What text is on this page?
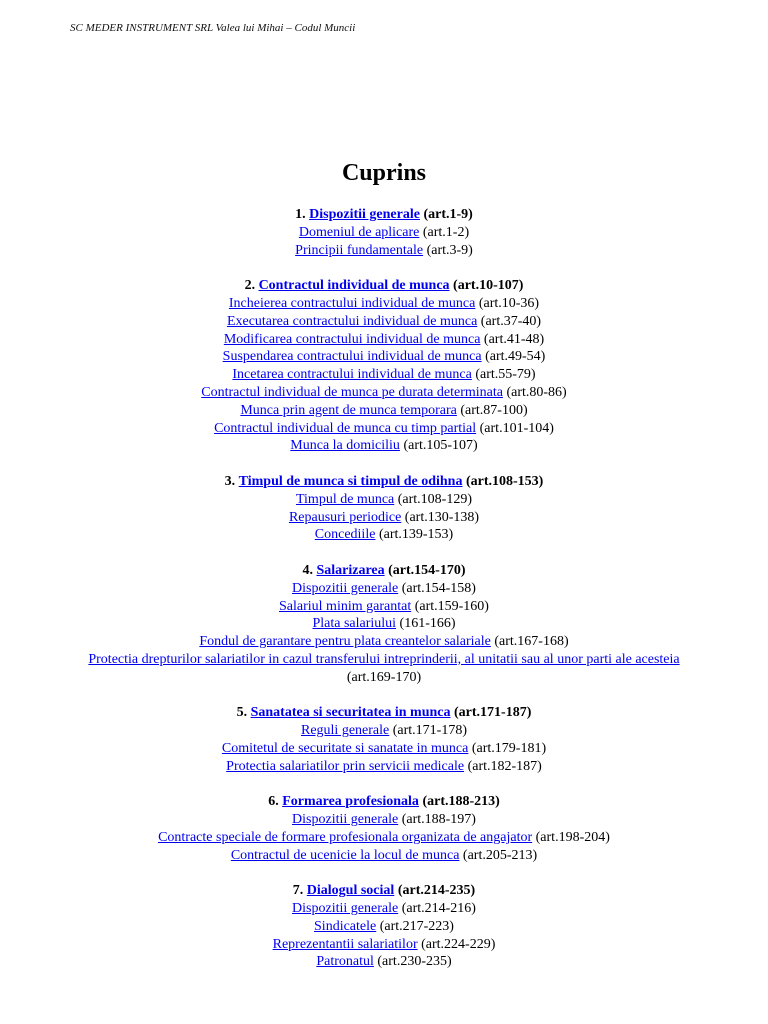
SC MEDER INSTRUMENT SRL Valea lui Mihai – Codul Muncii
Cuprins
1. Dispozitii generale (art.1-9)
Domeniul de aplicare (art.1-2)
Principii fundamentale (art.3-9)
2. Contractul individual de munca (art.10-107)
Incheierea contractului individual de munca (art.10-36)
Executarea contractului individual de munca (art.37-40)
Modificarea contractului individual de munca (art.41-48)
Suspendarea contractului individual de munca (art.49-54)
Incetarea contractului individual de munca (art.55-79)
Contractul individual de munca pe durata determinata (art.80-86)
Munca prin agent de munca temporara (art.87-100)
Contractul individual de munca cu timp partial (art.101-104)
Munca la domiciliu (art.105-107)
3. Timpul de munca si timpul de odihna (art.108-153)
Timpul de munca (art.108-129)
Repausuri periodice (art.130-138)
Concediile (art.139-153)
4. Salarizarea (art.154-170)
Dispozitii generale (art.154-158)
Salariul minim garantat (art.159-160)
Plata salariului (161-166)
Fondul de garantare pentru plata creantelor salariale (art.167-168)
Protectia drepturilor salariatilor in cazul transferului intreprinderii, al unitatii sau al unor parti ale acesteia (art.169-170)
5. Sanatatea si securitatea in munca (art.171-187)
Reguli generale (art.171-178)
Comitetul de securitate si sanatate in munca (art.179-181)
Protectia salariatilor prin servicii medicale (art.182-187)
6. Formarea profesionala (art.188-213)
Dispozitii generale (art.188-197)
Contracte speciale de formare profesionala organizata de angajator (art.198-204)
Contractul de ucenicie la locul de munca (art.205-213)
7. Dialogul social (art.214-235)
Dispozitii generale (art.214-216)
Sindicatele (art.217-223)
Reprezentantii salariatilor (art.224-229)
Patronatul (art.230-235)
